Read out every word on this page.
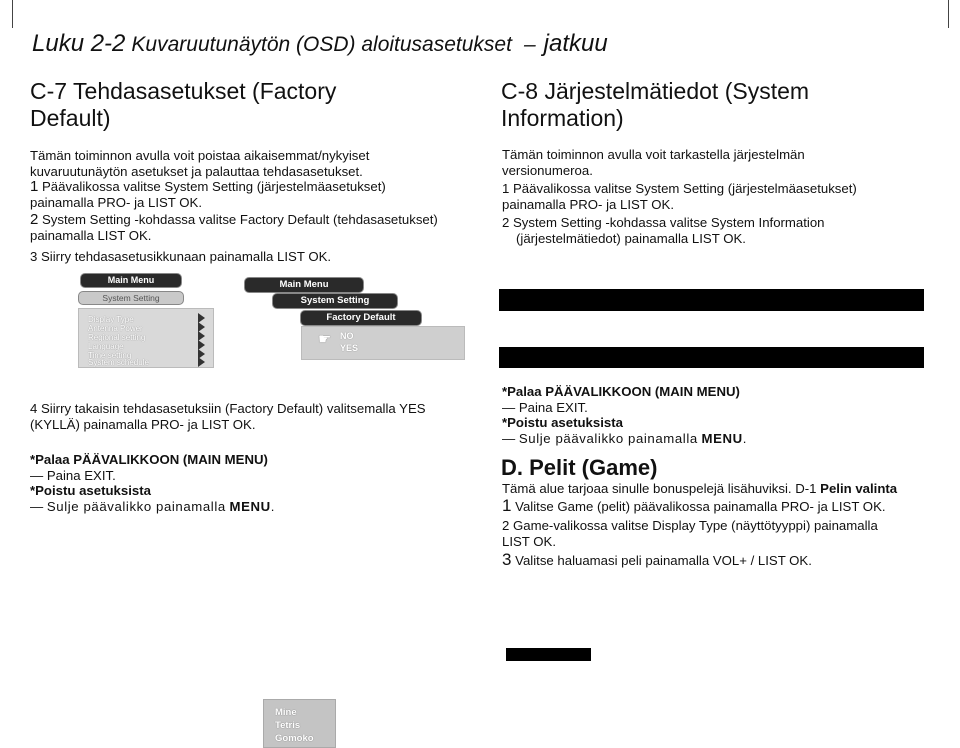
Luku 2-2 Kuvaruutunäytön (OSD) aloitusasetukset – jatkuu
C-7 Tehdasasetukset (Factory
Default)
Tämän toiminnon avulla voit poistaa aikaisemmat/nykyiset
kuvaruutunäytön asetukset ja palauttaa tehdasasetukset.
1 Päävalikossa valitse System Setting (järjestelmäasetukset)
painamalla PRO- ja LIST OK.
2 System Setting -kohdassa valitse Factory Default (tehdasasetukset)
painamalla LIST OK.
3 Siirry tehdasasetusikkunaan painamalla LIST OK.
Main Menu
System Setting
Display Type
Antenna Power
Regional setting
Language
Time setting
System schedule
Main Menu
System Setting
Factory Default
☛ NO
YES
4 Siirry takaisin tehdasasetuksiin (Factory Default) valitsemalla YES
(KYLLÄ) painamalla PRO- ja LIST OK.
*Palaa PÄÄVALIKKOON (MAIN MENU)
— Paina EXIT.
*Poistu asetuksista
— Sulje päävalikko painamalla MENU.
C-8 Järjestelmätiedot (System
Information)
Tämän toiminnon avulla voit tarkastella järjestelmän
versionumeroa.
1 Päävalikossa valitse System Setting (järjestelmäasetukset)
painamalla PRO- ja LIST OK.
2 System Setting -kohdassa valitse System Information
(järjestelmätiedot) painamalla LIST OK.
*Palaa PÄÄVALIKKOON (MAIN MENU)
— Paina EXIT.
*Poistu asetuksista
— Sulje päävalikko painamalla MENU.
D. Pelit (Game)
Tämä alue tarjoaa sinulle bonuspelejä lisähuviksi. D-1 Pelin valinta
1 Valitse Game (pelit) päävalikossa painamalla PRO- ja LIST OK.
2 Game-valikossa valitse Display Type (näyttötyyppi) painamalla
LIST OK.
3 Valitse haluamasi peli painamalla VOL+ / LIST OK.
Mine
Tetris
Gomoko
